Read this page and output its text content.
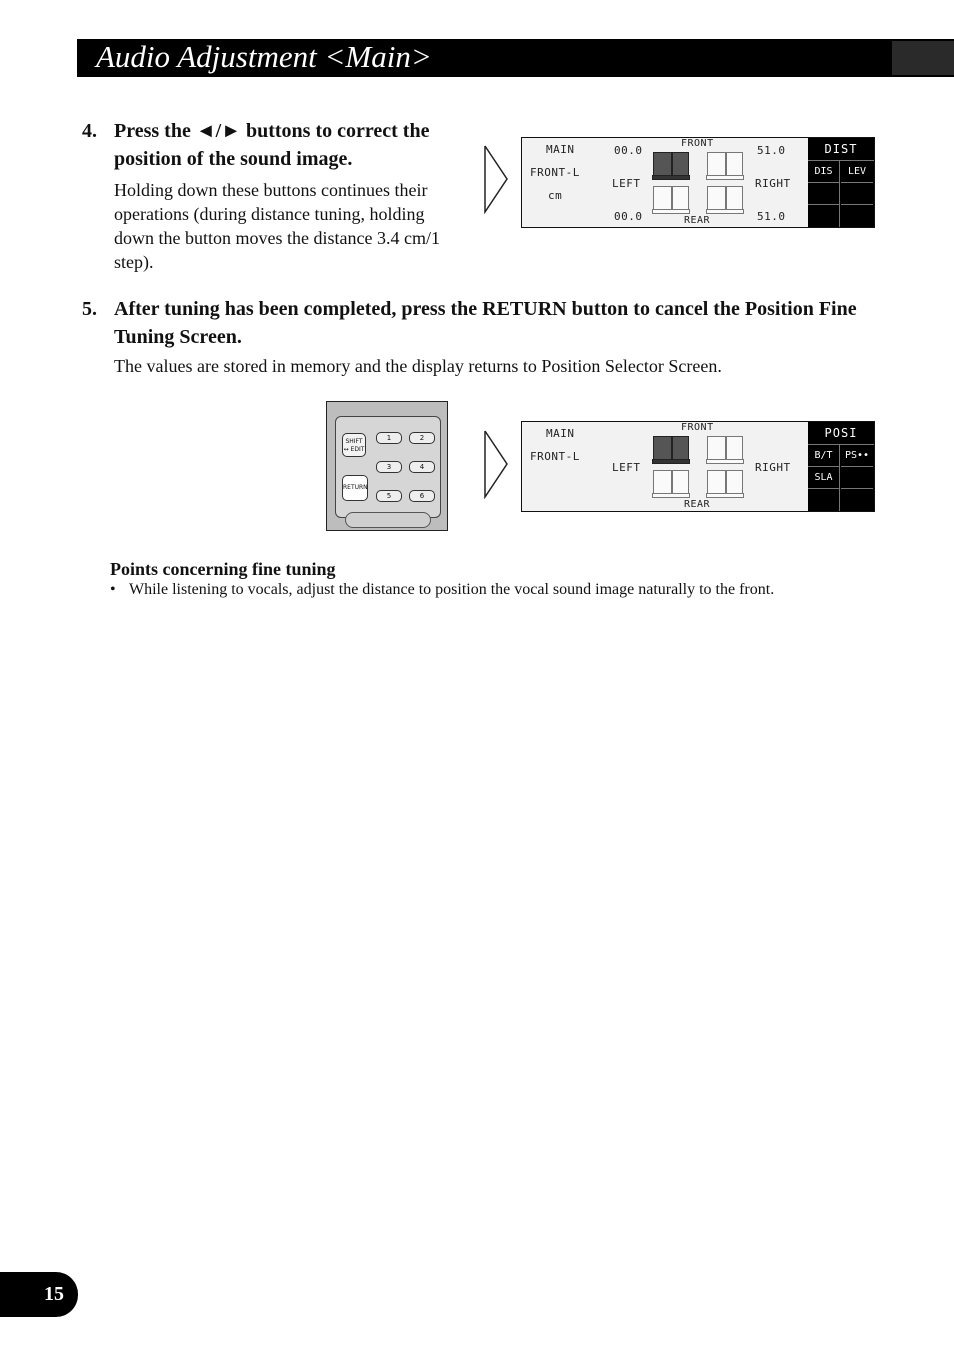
Audio Adjustment <Main>
4. Press the ◄/► buttons to correct the position of the sound image.
Holding down these buttons continues their operations (during distance tuning, holding down the button moves the distance 3.4 cm/1 step).
MAIN
FRONT-L
cm
00.0
LEFT
00.0
FRONT
REAR
51.0
RIGHT
51.0
DIST
DIS	LEV
5. After tuning has been completed, press the RETURN button to cancel the Position Fine Tuning Screen.
The values are stored in memory and the display returns to Position Selector Screen.
SHIFT
↔ EDIT
RETURN
1	2
3	4
5	6
MAIN
FRONT-L
LEFT
FRONT
REAR
RIGHT
POSI
B/T	PS••
SLA
Points concerning fine tuning
• While listening to vocals, adjust the distance to position the vocal sound image naturally to the front.
15
